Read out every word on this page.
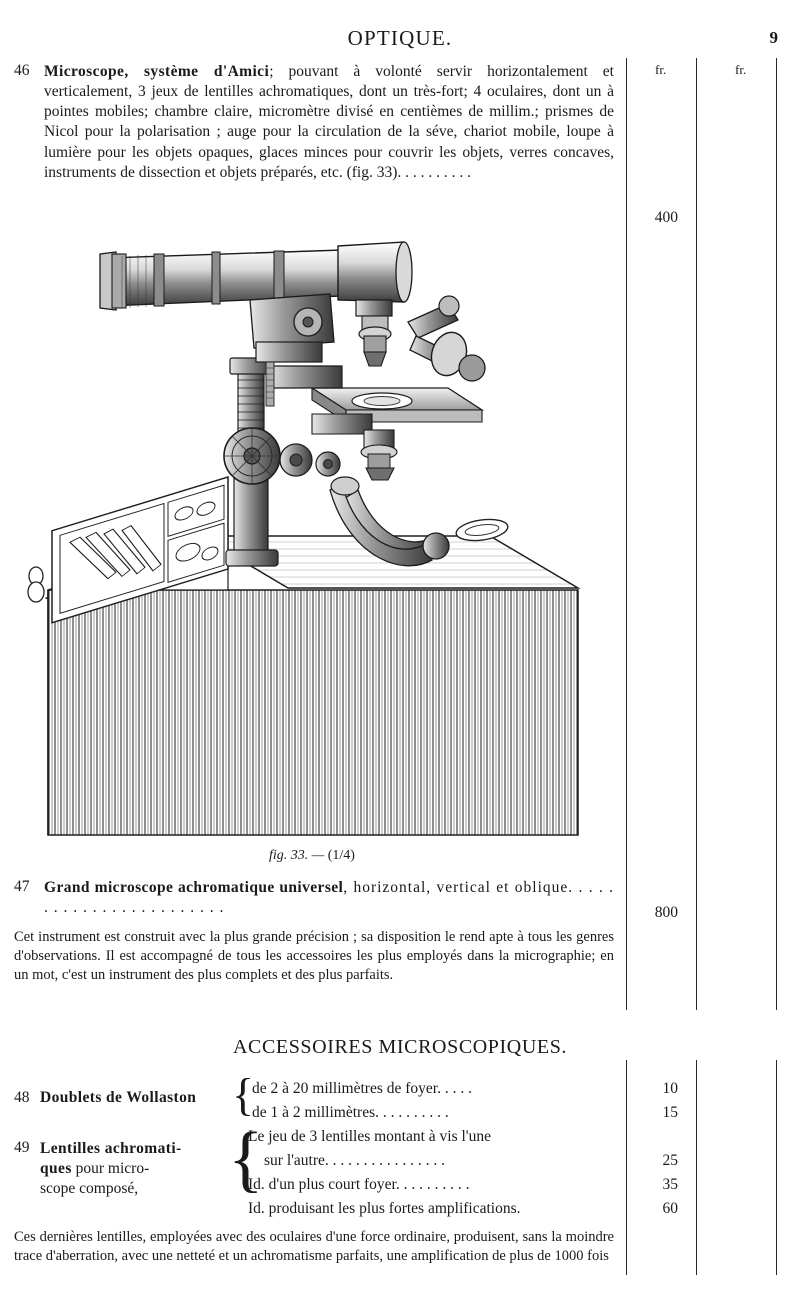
OPTIQUE.	9
fr.	fr.
46 Microscope, système d'Amici; pouvant à volonté servir horizontalement et verticalement, 3 jeux de lentilles achromatiques, dont un très-fort; 4 oculaires, dont un à pointes mobiles; chambre claire, micromètre divisé en centièmes de millim.; prismes de Nicol pour la polarisation ; auge pour la circulation de la séve, chariot mobile, loupe à lumière pour les objets opaques, glaces minces pour couvrir les objets, verres concaves, instruments de dissection et objets préparés, etc. (fig. 33). . . . . . . . . .
400
fig. 33. — (1/4)
47 Grand microscope achromatique universel, horizontal, vertical et oblique. . . . . . . . . . . . . . . . . . . . . . . .	800
Cet instrument est construit avec la plus grande précision ; sa disposition le rend apte à tous les genres d'observations. Il est accompagné de tous les accessoires les plus employés dans la micrographie; en un mot, c'est un instrument des plus complets et des plus parfaits.
ACCESSOIRES MICROSCOPIQUES.
48 Doublets de Wollaston {
de 2 à 20 millimètres de foyer. . . . .	10
de 1 à 2 millimètres. . . . . . . . . .	15
49 Lentilles achromati-
ques pour micro-
scope composé,	{
Le jeu de 3 lentilles montant à vis l'une
sur l'autre. . . . . . . . . . . . . . . .	25
Id. d'un plus court foyer. . . . . . . . . .	35
Id. produisant les plus fortes amplifications.	60
Ces dernières lentilles, employées avec des oculaires d'une force ordinaire, produisent, sans la moindre trace d'aberration, avec une netteté et un achromatisme parfaits, une amplification de plus de 1000 fois
